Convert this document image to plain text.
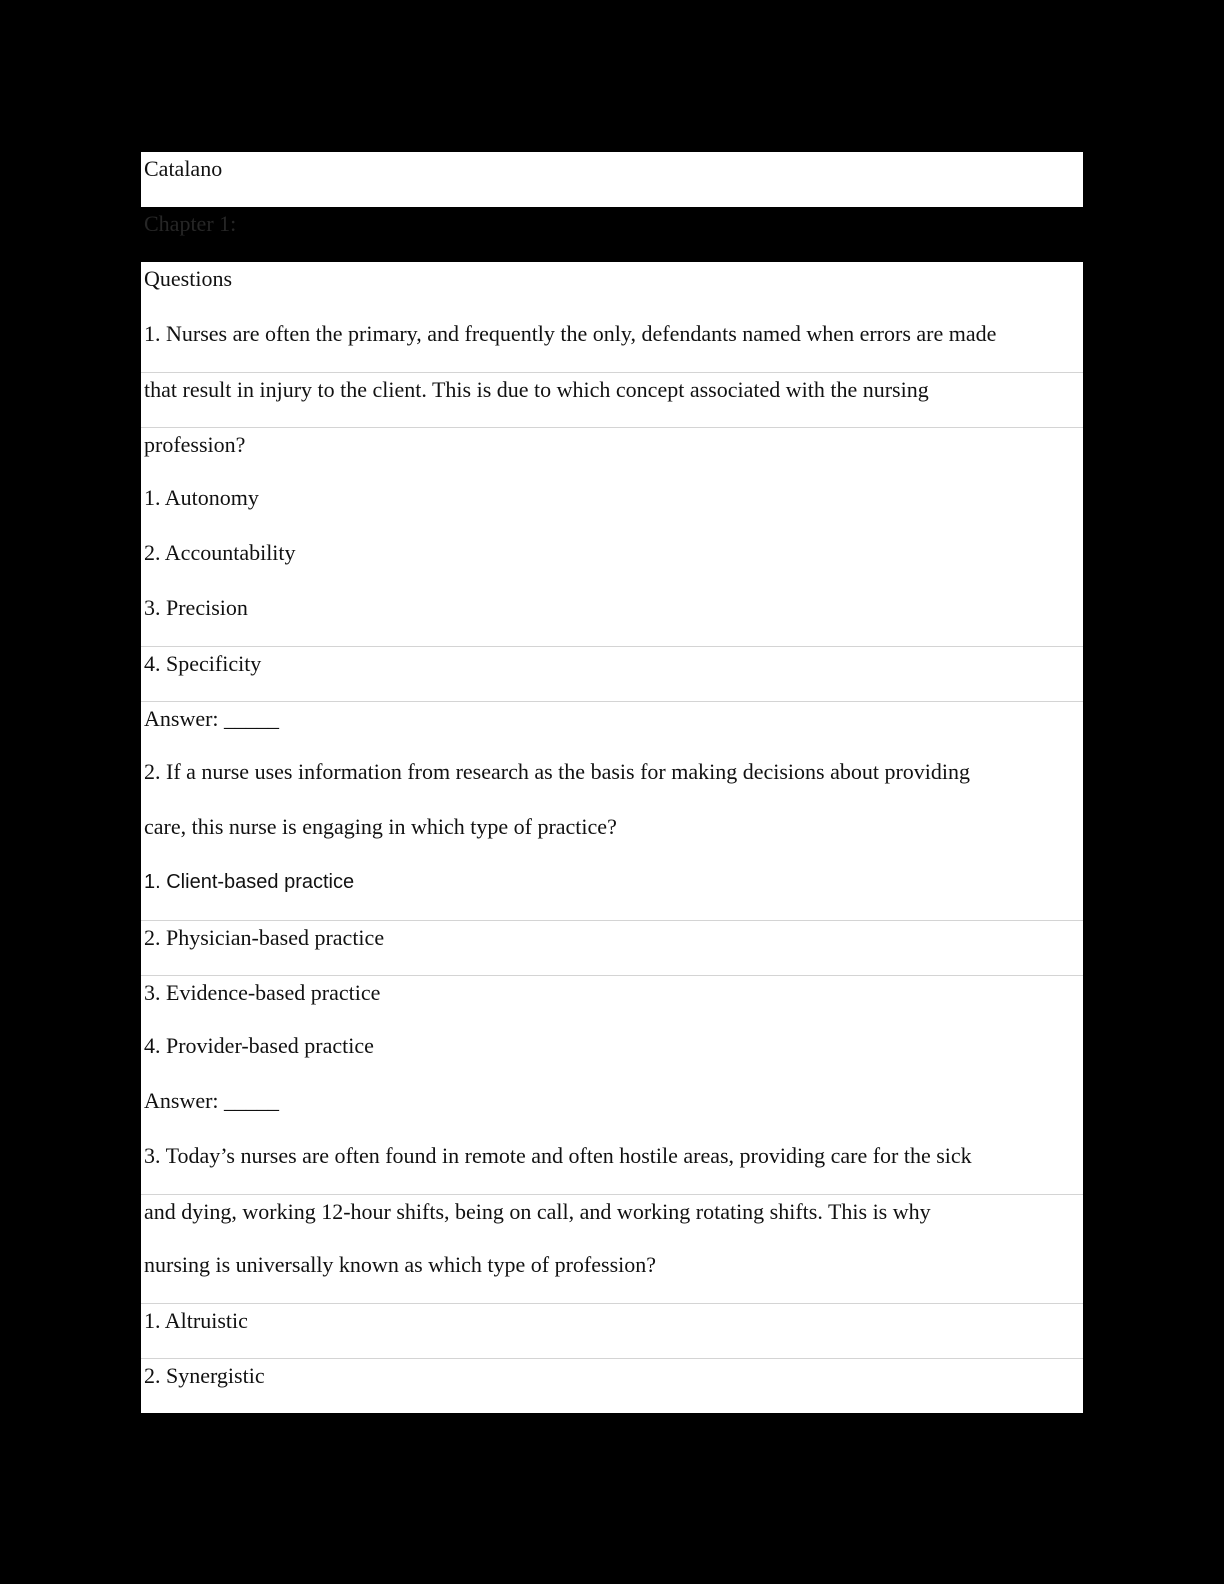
Catalano
Chapter 1:
Questions
1. Nurses are often the primary, and frequently the only, defendants named when errors are made
that result in injury to the client. This is due to which concept associated with the nursing
profession?
1. Autonomy
2. Accountability
3. Precision
4. Specificity
Answer: _____
2. If a nurse uses information from research as the basis for making decisions about providing
care, this nurse is engaging in which type of practice?
1. Client-based practice
2. Physician-based practice
3. Evidence-based practice
4. Provider-based practice
Answer: _____
3. Today’s nurses are often found in remote and often hostile areas, providing care for the sick
and dying, working 12-hour shifts, being on call, and working rotating shifts. This is why
nursing is universally known as which type of profession?
1. Altruistic
2. Synergistic
